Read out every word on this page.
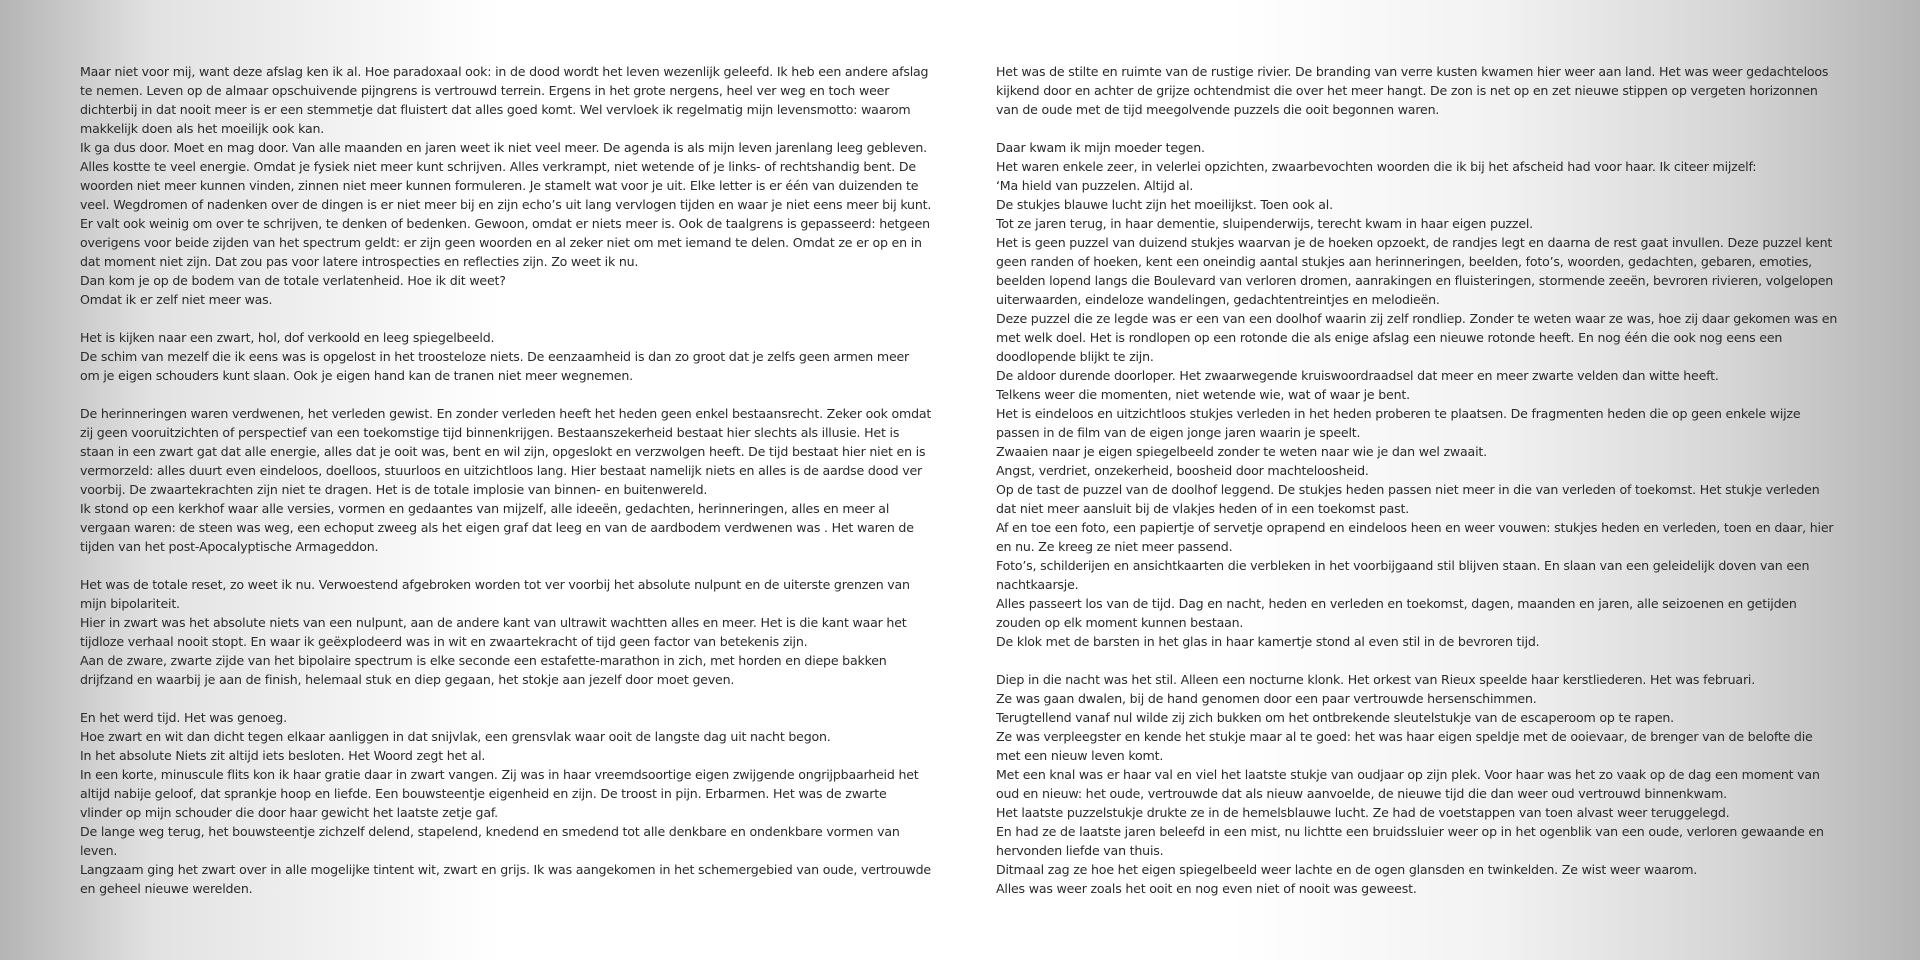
Maar niet voor mij, want deze afslag ken ik al. Hoe paradoxaal ook: in de dood wordt het leven wezenlijk geleefd. Ik heb een andere afslag te nemen. Leven op de almaar opschuivende pijngrens is vertrouwd terrein. Ergens in het grote nergens, heel ver weg en toch weer dichterbij in dat nooit meer is er een stemmetje dat fluistert dat alles goed komt. Wel vervloek ik regelmatig mijn levensmotto: waarom makkelijk doen als het moeilijk ook kan.
Ik ga dus door. Moet en mag door. Van alle maanden en jaren weet ik niet veel meer. De agenda is als mijn leven jarenlang leeg gebleven. Alles kostte te veel energie. Omdat je fysiek niet meer kunt schrijven. Alles verkrampt, niet wetende of je links- of rechtshandig bent. De woorden niet meer kunnen vinden, zinnen niet meer kunnen formuleren. Je stamelt wat voor je uit. Elke letter is er één van duizenden te veel. Wegdromen of nadenken over de dingen is er niet meer bij en zijn echo’s uit lang vervlogen tijden en waar je niet eens meer bij kunt. Er valt ook weinig om over te schrijven, te denken of bedenken. Gewoon, omdat er niets meer is. Ook de taalgrens is gepasseerd: hetgeen overigens voor beide zijden van het spectrum geldt: er zijn geen woorden en al zeker niet om met iemand te delen. Omdat ze er op en in dat moment niet zijn. Dat zou pas voor latere introspecties en reflecties zijn. Zo weet ik nu.
Dan kom je op de bodem van de totale verlatenheid. Hoe ik dit weet?
Omdat ik er zelf niet meer was.
Het is kijken naar een zwart, hol, dof verkoold en leeg spiegelbeeld.
De schim van mezelf die ik eens was is opgelost in het troosteloze niets. De eenzaamheid is dan zo groot dat je zelfs geen armen meer om je eigen schouders kunt slaan. Ook je eigen hand kan de tranen niet meer wegnemen.
De herinneringen waren verdwenen, het verleden gewist. En zonder verleden heeft het heden geen enkel bestaansrecht. Zeker ook omdat zij geen vooruitzichten of perspectief van een toekomstige tijd binnenkrijgen. Bestaanszekerheid bestaat hier slechts als illusie. Het is staan in een zwart gat dat alle energie, alles dat je ooit was, bent en wil zijn, opgeslokt en verzwolgen heeft. De tijd bestaat hier niet en is vermorzeld: alles duurt even eindeloos, doelloos, stuurloos en uitzichtloos lang. Hier bestaat namelijk niets en alles is de aardse dood ver voorbij. De zwaartekrachten zijn niet te dragen. Het is de totale implosie van binnen- en buitenwereld.
Ik stond op een kerkhof waar alle versies, vormen en gedaantes van mijzelf, alle ideeën, gedachten, herinneringen, alles en meer al vergaan waren: de steen was weg, een echoput zweeg als het eigen graf dat leeg en van de aardbodem verdwenen was . Het waren de tijden van het post-Apocalyptische Armageddon.
Het was de totale reset, zo weet ik nu. Verwoestend afgebroken worden tot ver voorbij het absolute nulpunt en de uiterste grenzen van mijn bipolariteit.
Hier in zwart was het absolute niets van een nulpunt, aan de andere kant van ultrawit wachtten alles en meer. Het is die kant waar het tijdloze verhaal nooit stopt. En waar ik geëxplodeerd was in wit en zwaartekracht of tijd geen factor van betekenis zijn.
Aan de zware, zwarte zijde van het bipolaire spectrum is elke seconde een estafette-marathon in zich, met horden en diepe bakken drijfzand en waarbij je aan de finish, helemaal stuk en diep gegaan, het stokje aan jezelf door moet geven.
En het werd tijd. Het was genoeg.
Hoe zwart en wit dan dicht tegen elkaar aanliggen in dat snijvlak, een grensvlak waar ooit de langste dag uit nacht begon.
In het absolute Niets zit altijd iets besloten. Het Woord zegt het al.
In een korte, minuscule flits kon ik haar gratie daar in zwart vangen. Zij was in haar vreemdsoortige eigen zwijgende ongrijpbaarheid het altijd nabije geloof, dat sprankje hoop en liefde. Een bouwsteentje eigenheid en zijn. De troost in pijn. Erbarmen. Het was de zwarte vlinder op mijn schouder die door haar gewicht het laatste zetje gaf.
De lange weg terug, het bouwsteentje zichzelf delend, stapelend, knedend en smedend tot alle denkbare en ondenkbare vormen van leven.
Langzaam ging het zwart over in alle mogelijke tintent wit, zwart en grijs. Ik was aangekomen in het schemergebied van oude, vertrouwde en geheel nieuwe werelden.
Het was de stilte en ruimte van de rustige rivier. De branding van verre kusten kwamen hier weer aan land. Het was weer gedachteloos kijkend door en achter de grijze ochtendmist die over het meer hangt. De zon is net op en zet nieuwe stippen op vergeten horizonnen van de oude met de tijd meegolvende puzzels die ooit begonnen waren.
Daar kwam ik mijn moeder tegen.
Het waren enkele zeer, in velerlei opzichten, zwaarbevochten woorden die ik bij het afscheid had voor haar. Ik citeer mijzelf:
‘Ma hield van puzzelen. Altijd al.
De stukjes blauwe lucht zijn het moeilijkst. Toen ook al.
Tot ze jaren terug, in haar dementie, sluipenderwijs, terecht kwam in haar eigen puzzel.
Het is geen puzzel van duizend stukjes waarvan je de hoeken opzoekt, de randjes legt en daarna de rest gaat invullen. Deze puzzel kent geen randen of hoeken, kent een oneindig aantal stukjes aan herinneringen, beelden, foto’s, woorden, gedachten, gebaren, emoties, beelden lopend langs die Boulevard van verloren dromen, aanrakingen en fluisteringen, stormende zeeën, bevroren rivieren, volgelopen uiterwaarden, eindeloze wandelingen, gedachtentreintjes en melodieën.
Deze puzzel die ze legde was er een van een doolhof waarin zij zelf rondliep. Zonder te weten waar ze was, hoe zij daar gekomen was en met welk doel. Het is rondlopen op een rotonde die als enige afslag een nieuwe rotonde heeft. En nog één die ook nog eens een doodlopende blijkt te zijn.
De aldoor durende doorloper. Het zwaarwegende kruiswoordraadsel dat meer en meer zwarte velden dan witte heeft.
Telkens weer die momenten, niet wetende wie, wat of waar je bent.
Het is eindeloos en uitzichtloos stukjes verleden in het heden proberen te plaatsen. De fragmenten heden die op geen enkele wijze passen in de film van de eigen jonge jaren waarin je speelt.
Zwaaien naar je eigen spiegelbeeld zonder te weten naar wie je dan wel zwaait.
Angst, verdriet, onzekerheid, boosheid door machteloosheid.
Op de tast de puzzel van de doolhof leggend. De stukjes heden passen niet meer in die van verleden of toekomst. Het stukje verleden dat niet meer aansluit bij de vlakjes heden of in een toekomst past.
Af en toe een foto, een papiertje of servetje oprapend en eindeloos heen en weer vouwen: stukjes heden en verleden, toen en daar, hier en nu. Ze kreeg ze niet meer passend.
Foto’s, schilderijen en ansichtkaarten die verbleken in het voorbijgaand stil blijven staan. En slaan van een geleidelijk doven van een nachtkaarsje.
Alles passeert los van de tijd. Dag en nacht, heden en verleden en toekomst, dagen, maanden en jaren, alle seizoenen en getijden zouden op elk moment kunnen bestaan.
De klok met de barsten in het glas in haar kamertje stond al even stil in de bevroren tijd.
Diep in die nacht was het stil. Alleen een nocturne klonk. Het orkest van Rieux speelde haar kerstliederen. Het was februari.
Ze was gaan dwalen, bij de hand genomen door een paar vertrouwde hersenschimmen.
Terugtellend vanaf nul wilde zij zich bukken om het ontbrekende sleutelstukje van de escaperoom op te rapen.
Ze was verpleegster en kende het stukje maar al te goed: het was haar eigen speldje met de ooievaar, de brenger van de belofte die met een nieuw leven komt.
Met een knal was er haar val en viel het laatste stukje van oudjaar op zijn plek. Voor haar was het zo vaak op de dag een moment van oud en nieuw: het oude, vertrouwde dat als nieuw aanvoelde, de nieuwe tijd die dan weer oud vertrouwd binnenkwam.
Het laatste puzzelstukje drukte ze in de hemelsblauwe lucht. Ze had de voetstappen van toen alvast weer teruggelegd.
En had ze de laatste jaren beleefd in een mist, nu lichtte een bruidssluier weer op in het ogenblik van een oude, verloren gewaande en hervonden liefde van thuis.
Ditmaal zag ze hoe het eigen spiegelbeeld weer lachte en de ogen glansden en twinkelden. Ze wist weer waarom.
Alles was weer zoals het ooit en nog even niet of nooit was geweest.
